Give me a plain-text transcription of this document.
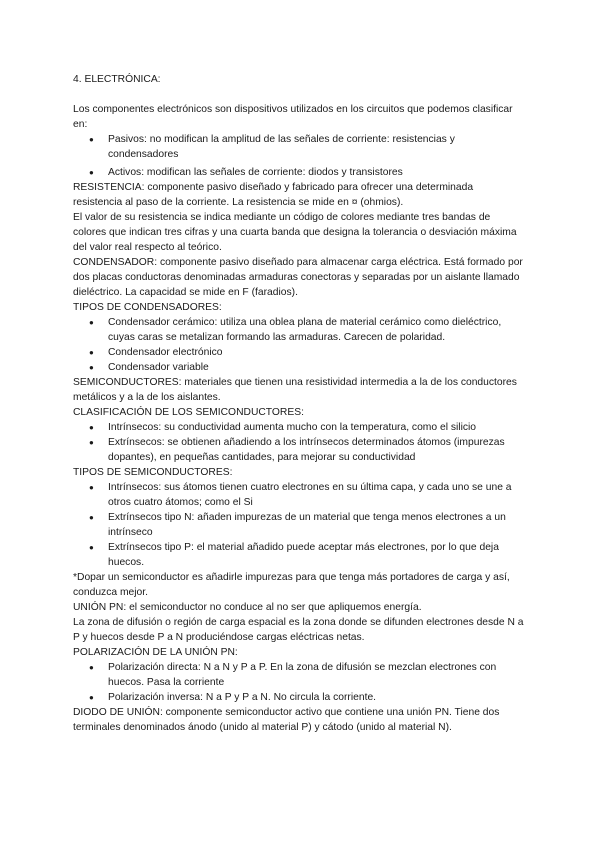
4. ELECTRÓNICA:

Los componentes electrónicos son dispositivos utilizados en los circuitos que podemos clasificar en:

● Pasivos: no modifican la amplitud de las señales de corriente: resistencias y condensadores
● Activos: modifican las señales de corriente: diodos y transistores

RESISTENCIA: componente pasivo diseñado y fabricado para ofrecer una determinada resistencia al paso de la corriente. La resistencia se mide en ¤ (ohmios).

El valor de su resistencia se indica mediante un código de colores mediante tres bandas de colores que indican tres cifras y una cuarta banda que designa la tolerancia o desviación máxima del valor real respecto al teórico.

CONDENSADOR: componente pasivo diseñado para almacenar carga eléctrica. Está formado por dos placas conductoras denominadas armaduras conectoras y separadas por un aislante llamado dieléctrico. La capacidad se mide en F (faradios).

TIPOS DE CONDENSADORES:

● Condensador cerámico: utiliza una oblea plana de material cerámico como dieléctrico, cuyas caras se metalizan formando las armaduras. Carecen de polaridad.
● Condensador electrónico
● Condensador variable

SEMICONDUCTORES: materiales que tienen una resistividad intermedia a la de los conductores metálicos y a la de los aislantes.

CLASIFICACIÓN DE LOS SEMICONDUCTORES:

● Intrínsecos: su conductividad aumenta mucho con la temperatura, como el silicio
● Extrínsecos: se obtienen añadiendo a los intrínsecos determinados átomos (impurezas dopantes), en pequeñas cantidades, para mejorar su conductividad

TIPOS DE SEMICONDUCTORES:

● Intrínsecos: sus átomos tienen cuatro electrones en su última capa, y cada uno se une a otros cuatro átomos; como el Si
● Extrínsecos tipo N: añaden impurezas de un material que tenga menos electrones a un intrínseco
● Extrínsecos tipo P: el material añadido puede aceptar más electrones, por lo que deja huecos.

*Dopar un semiconductor es añadirle impurezas para que tenga más portadores de carga y así, conduzca mejor.

UNIÓN PN: el semiconductor no conduce al no ser que apliquemos energía.

La zona de difusión o región de carga espacial es la zona donde se difunden electrones desde N a P y huecos desde P a N produciéndose cargas eléctricas netas.

POLARIZACIÓN DE LA UNIÓN PN:

● Polarización directa: N a N y P a P. En la zona de difusión se mezclan electrones con huecos. Pasa la corriente
● Polarización inversa: N a P y P a N. No circula la corriente.

DIODO DE UNIÓN: componente semiconductor activo que contiene una unión PN. Tiene dos terminales denominados ánodo (unido al material P) y cátodo (unido al material N).
